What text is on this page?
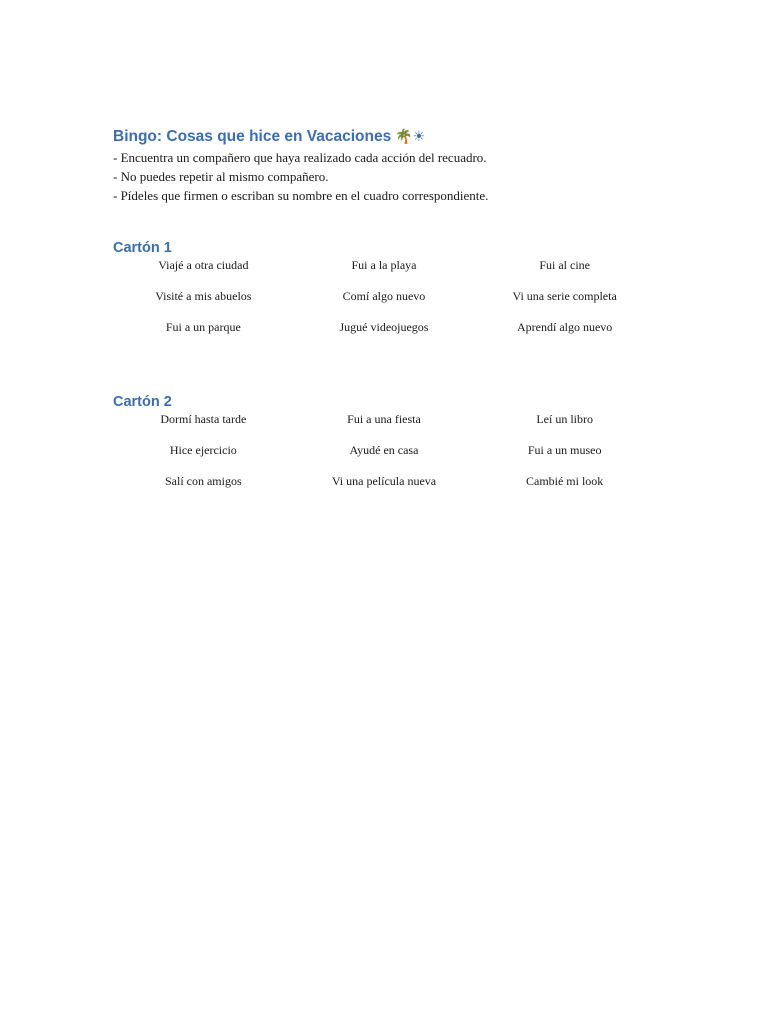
Bingo: Cosas que hice en Vacaciones 🌴☀
- Encuentra un compañero que haya realizado cada acción del recuadro.
- No puedes repetir al mismo compañero.
- Pídeles que firmen o escriban su nombre en el cuadro correspondiente.
Cartón 1
Viajé a otra ciudad	Fui a la playa	Fui al cine
Visité a mis abuelos	Comí algo nuevo	Vi una serie completa
Fui a un parque	Jugué videojuegos	Aprendí algo nuevo
Cartón 2
Dormí hasta tarde	Fui a una fiesta	Leí un libro
Hice ejercicio	Ayudé en casa	Fui a un museo
Salí con amigos	Vi una película nueva	Cambié mi look
